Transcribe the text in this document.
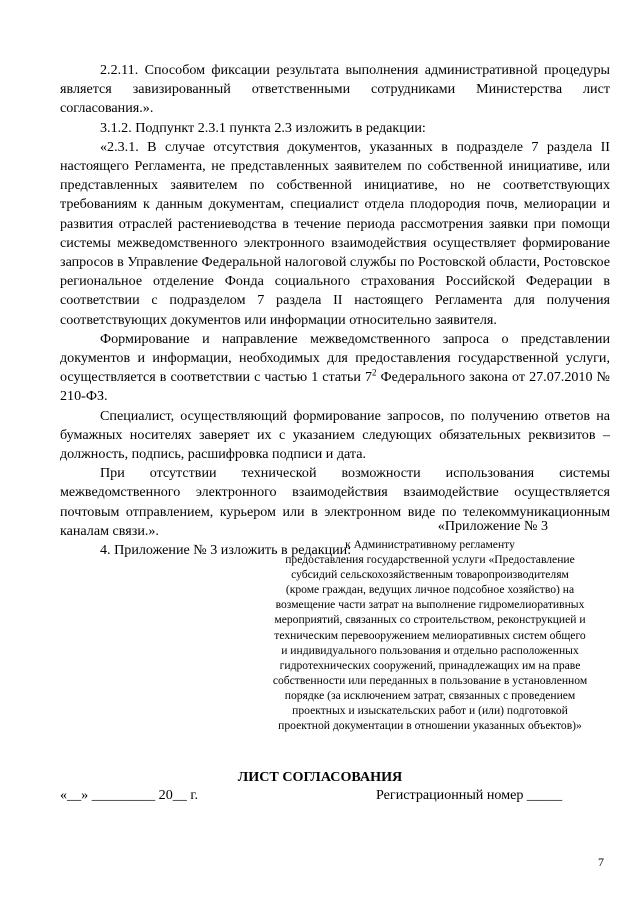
2.2.11. Способом фиксации результата выполнения административной процедуры является завизированный ответственными сотрудниками Министерства лист согласования.».

3.1.2. Подпункт 2.3.1 пункта 2.3 изложить в редакции:

«2.3.1. В случае отсутствия документов, указанных в подразделе 7 раздела II настоящего Регламента, не представленных заявителем по собственной инициативе, или представленных заявителем по собственной инициативе, но не соответствующих требованиям к данным документам, специалист отдела плодородия почв, мелиорации и развития отраслей растениеводства в течение периода рассмотрения заявки при помощи системы межведомственного электронного взаимодействия осуществляет формирование запросов в Управление Федеральной налоговой службы по Ростовской области, Ростовское региональное отделение Фонда социального страхования Российской Федерации в соответствии с подразделом 7 раздела II настоящего Регламента для получения соответствующих документов или информации относительно заявителя.

Формирование и направление межведомственного запроса о представлении документов и информации, необходимых для предоставления государственной услуги, осуществляется в соответствии с частью 1 статьи $7^2$ Федерального закона от 27.07.2010 № 210-ФЗ.

Специалист, осуществляющий формирование запросов, по получению ответов на бумажных носителях заверяет их с указанием следующих обязательных реквизитов – должность, подпись, расшифровка подписи и дата.

При отсутствии технической возможности использования системы межведомственного электронного взаимодействия взаимодействие осуществляется почтовым отправлением, курьером или в электронном виде по телекоммуникационным каналам связи.».

4. Приложение № 3 изложить в редакции:

«Приложение № 3
к Административному регламенту
предоставления государственной услуги «Предоставление
субсидий сельскохозяйственным товаропроизводителям
(кроме граждан, ведущих личное подсобное хозяйство) на
возмещение части затрат на выполнение гидромелиоративных
мероприятий, связанных со строительством, реконструкцией и
техническим перевооружением мелиоративных систем общего
и индивидуального пользования и отдельно расположенных
гидротехнических сооружений, принадлежащих им на праве
собственности или переданных в пользование в установленном
порядке (за исключением затрат, связанных с проведением
проектных и изыскательских работ и (или) подготовкой
проектной документации в отношении указанных объектов)»
ЛИСТ СОГЛАСОВАНИЯ
«__» _________ 20__ г.	Регистрационный номер _____
7
